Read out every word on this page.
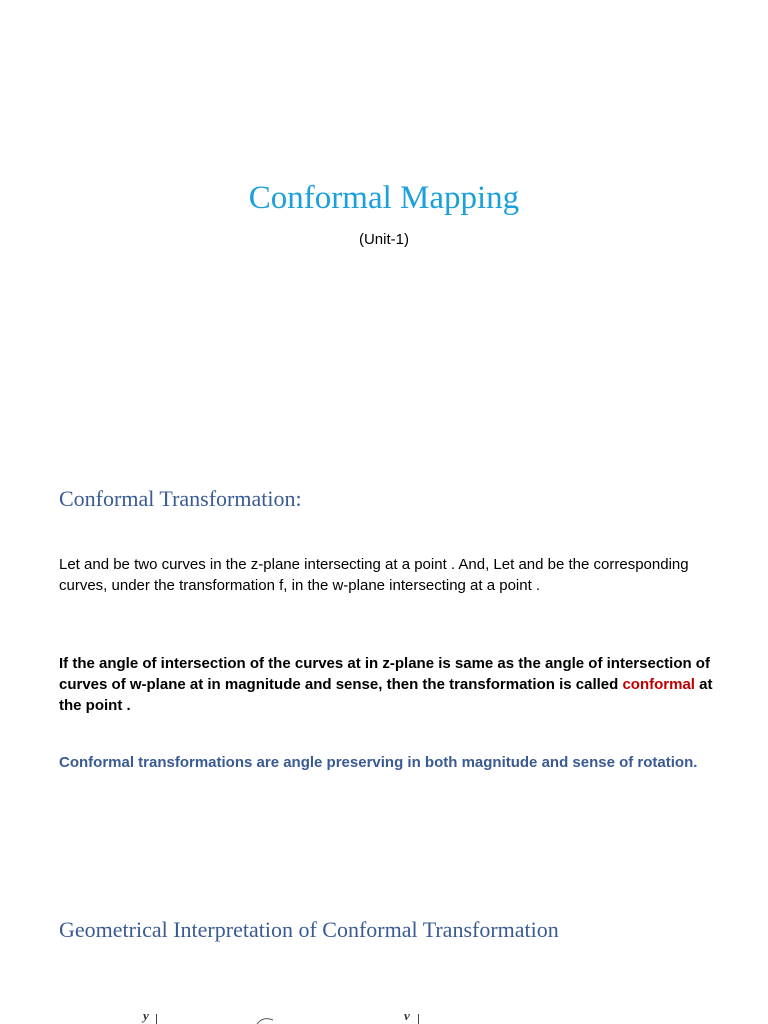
Conformal Mapping
(Unit-1)
Conformal Transformation:
Let and be two curves in the z-plane intersecting at a point . And, Let and be the corresponding curves, under the transformation f, in the w-plane intersecting at a point .
If the angle of intersection of the curves at in z-plane is same as the angle of intersection of curves of w-plane at in magnitude and sense, then the transformation is called conformal at the point .
Conformal transformations are angle preserving in both magnitude and sense of rotation.
Geometrical Interpretation of Conformal Transformation
y	v
